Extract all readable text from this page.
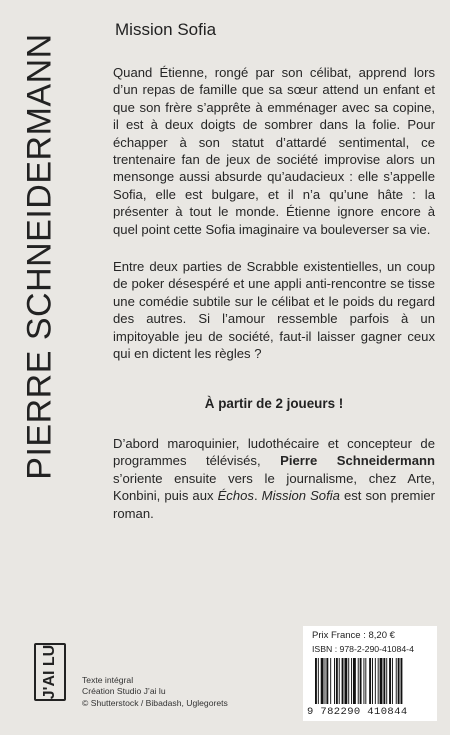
PIERRE SCHNEIDERMANN
Mission Sofia
Quand Étienne, rongé par son célibat, apprend lors d’un repas de famille que sa sœur attend un enfant et que son frère s’apprête à emménager avec sa copine, il est à deux doigts de sombrer dans la folie. Pour échapper à son statut d’attardé sentimental, ce trentenaire fan de jeux de société improvise alors un mensonge aussi absurde qu’audacieux : elle s’appelle Sofia, elle est bulgare, et il n’a qu’une hâte : la présenter à tout le monde. Étienne ignore encore à quel point cette Sofia imaginaire va bouleverser sa vie.
Entre deux parties de Scrabble existentielles, un coup de poker désespéré et une appli anti-rencontre se tisse une comédie subtile sur le célibat et le poids du regard des autres. Si l’amour ressemble parfois à un impitoyable jeu de société, faut-il laisser gagner ceux qui en dictent les règles ?
À partir de 2 joueurs !
D’abord maroquinier, ludothécaire et concepteur de programmes télévisés, Pierre Schneidermann s’oriente ensuite vers le journalisme, chez Arte, Konbini, puis aux Échos. Mission Sofia est son premier roman.
J'AI LU	Texte intégral
Création Studio J’ai lu
© Shutterstock / Bibadash, Uglegorets
Prix France : 8,20 €
ISBN : 978-2-290-41084-4
9 782290 410844
